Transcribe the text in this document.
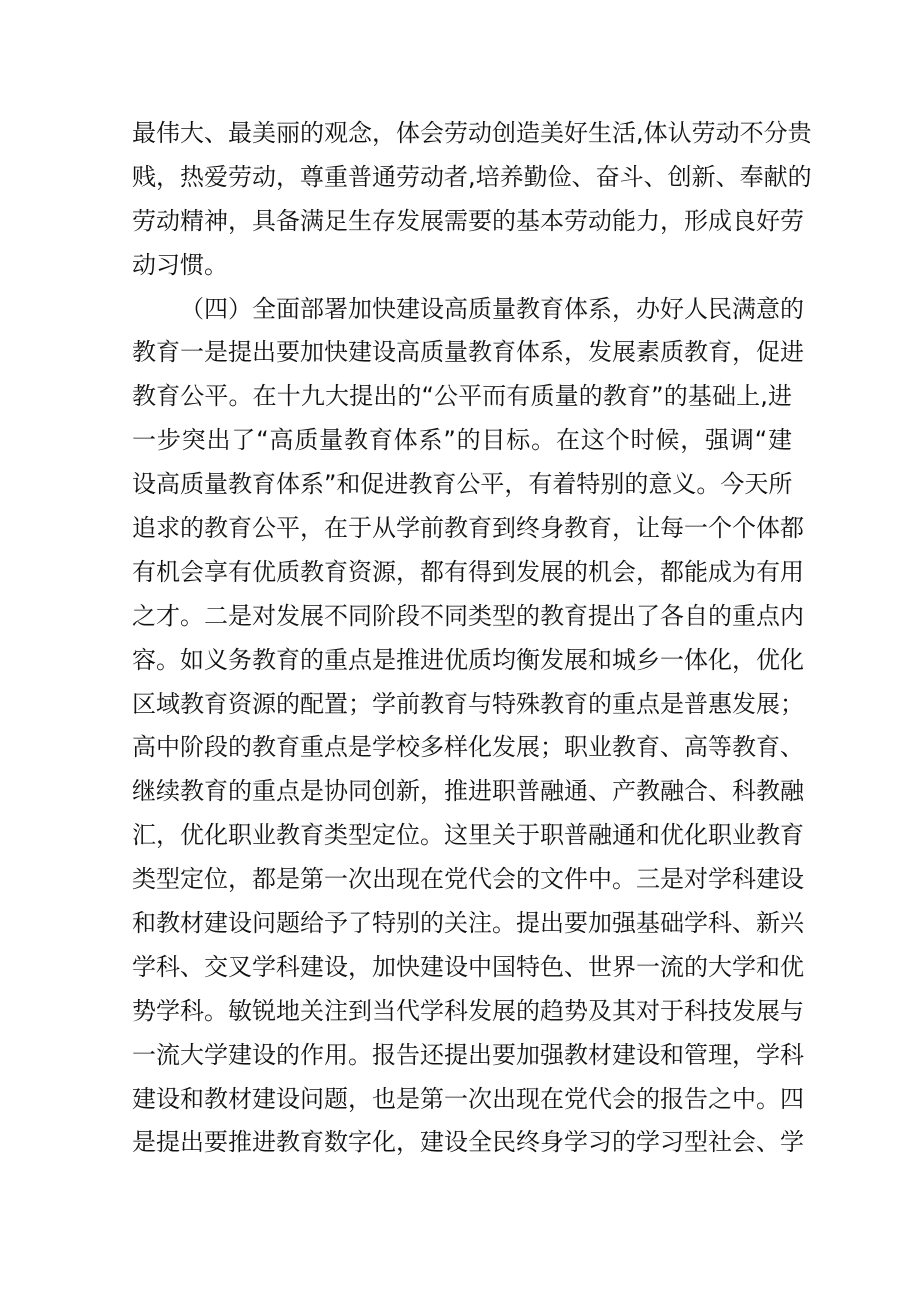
最伟大、最美丽的观念，体会劳动创造美好生活,体认劳动不分贵
贱，热爱劳动，尊重普通劳动者,培养勤俭、奋斗、创新、奉献的
劳动精神，具备满足生存发展需要的基本劳动能力，形成良好劳
动习惯。
（四）全面部署加快建设高质量教育体系，办好人民满意的
教育一是提出要加快建设高质量教育体系，发展素质教育，促进
教育公平。在十九大提出的“公平而有质量的教育”的基础上,进
一步突出了“高质量教育体系”的目标。在这个时候，强调“建
设高质量教育体系”和促进教育公平，有着特别的意义。今天所
追求的教育公平，在于从学前教育到终身教育，让每一个个体都
有机会享有优质教育资源，都有得到发展的机会，都能成为有用
之才。二是对发展不同阶段不同类型的教育提出了各自的重点内
容。如义务教育的重点是推进优质均衡发展和城乡一体化，优化
区域教育资源的配置；学前教育与特殊教育的重点是普惠发展；
高中阶段的教育重点是学校多样化发展；职业教育、高等教育、
继续教育的重点是协同创新，推进职普融通、产教融合、科教融
汇，优化职业教育类型定位。这里关于职普融通和优化职业教育
类型定位，都是第一次出现在党代会的文件中。三是对学科建设
和教材建设问题给予了特别的关注。提出要加强基础学科、新兴
学科、交叉学科建设，加快建设中国特色、世界一流的大学和优
势学科。敏锐地关注到当代学科发展的趋势及其对于科技发展与
一流大学建设的作用。报告还提出要加强教材建设和管理，学科
建设和教材建设问题，也是第一次出现在党代会的报告之中。四
是提出要推进教育数字化，建设全民终身学习的学习型社会、学
